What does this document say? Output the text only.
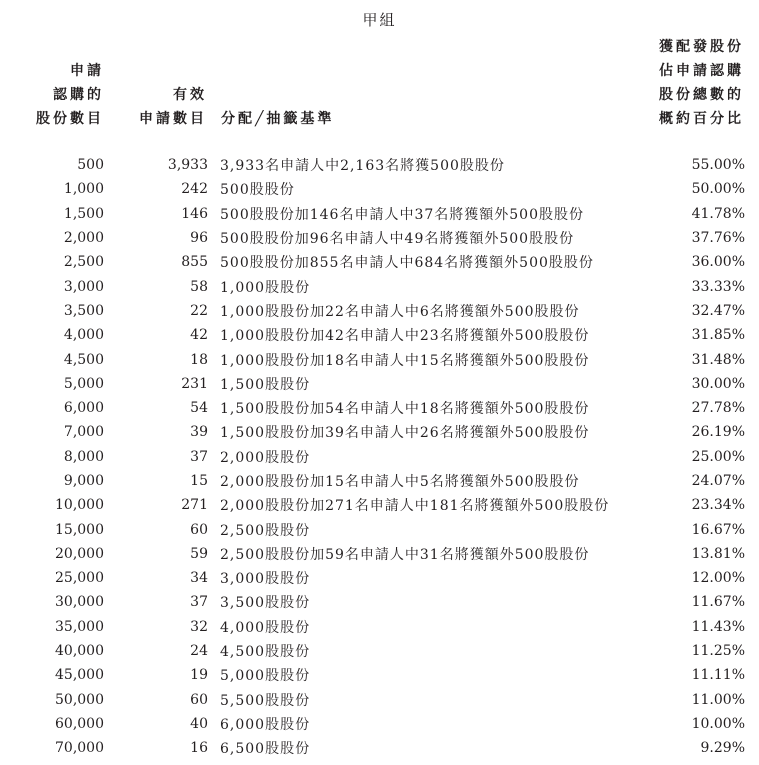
甲組
申請
認購的
股份數目
有效
申請數目 分配╱抽籤基準
獲配發股份
佔申請認購
股份總數的
概約百分比
500	3,933		3,933名申請人中2,163名將獲500股股份	55.00%	
1,000	242		500股股份	50.00%	
1,500	146		500股股份加146名申請人中37名將獲額外500股股份	41.78%	
2,000	96		500股股份加96名申請人中49名將獲額外500股股份	37.76%	
2,500	855		500股股份加855名申請人中684名將獲額外500股股份	36.00%	
3,000	58		1,000股股份	33.33%	
3,500	22		1,000股股份加22名申請人中6名將獲額外500股股份	32.47%	
4,000	42		1,000股股份加42名申請人中23名將獲額外500股股份	31.85%	
4,500	18		1,000股股份加18名申請人中15名將獲額外500股股份	31.48%	
5,000	231		1,500股股份	30.00%	
6,000	54		1,500股股份加54名申請人中18名將獲額外500股股份	27.78%	
7,000	39		1,500股股份加39名申請人中26名將獲額外500股股份	26.19%	
8,000	37		2,000股股份	25.00%	
9,000	15		2,000股股份加15名申請人中5名將獲額外500股股份	24.07%	
10,000	271		2,000股股份加271名申請人中181名將獲額外500股股份	23.34%	
15,000	60		2,500股股份	16.67%	
20,000	59		2,500股股份加59名申請人中31名將獲額外500股股份	13.81%	
25,000	34		3,000股股份	12.00%	
30,000	37		3,500股股份	11.67%	
35,000	32		4,000股股份	11.43%	
40,000	24		4,500股股份	11.25%	
45,000	19		5,000股股份	11.11%	
50,000	60		5,500股股份	11.00%	
60,000	40		6,000股股份	10.00%	
70,000	16		6,500股股份	9.29%	
